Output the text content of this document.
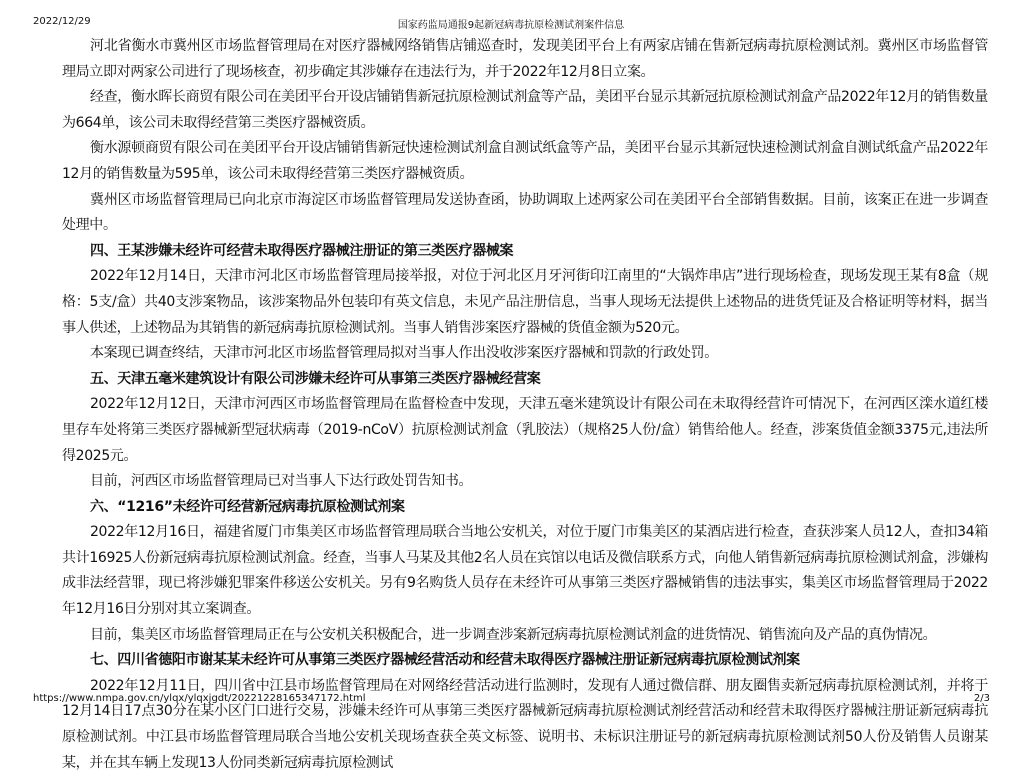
2022/12/29	国家药监局通报9起新冠病毒抗原检测试剂案件信息

河北省衡水市冀州区市场监督管理局在对医疗器械网络销售店铺巡查时，发现美团平台上有两家店铺在售新冠病毒抗原检测试剂。冀州区市场监督管理局立即对两家公司进行了现场核查，初步确定其涉嫌存在违法行为，并于2022年12月8日立案。

经查，衡水晖长商贸有限公司在美团平台开设店铺销售新冠抗原检测试剂盒等产品，美团平台显示其新冠抗原检测试剂盒产品2022年12月的销售数量为664单，该公司未取得经营第三类医疗器械资质。

衡水源顿商贸有限公司在美团平台开设店铺销售新冠快速检测试剂盒自测试纸盒等产品，美团平台显示其新冠快速检测试剂盒自测试纸盒产品2022年12月的销售数量为595单，该公司未取得经营第三类医疗器械资质。

冀州区市场监督管理局已向北京市海淀区市场监督管理局发送协查函，协助调取上述两家公司在美团平台全部销售数据。目前，该案正在进一步调查处理中。

四、王某涉嫌未经许可经营未取得医疗器械注册证的第三类医疗器械案

2022年12月14日，天津市河北区市场监督管理局接举报，对位于河北区月牙河街印江南里的“大锅炸串店”进行现场检查，现场发现王某有8盒（规格：5支/盒）共40支涉案物品，该涉案物品外包装印有英文信息，未见产品注册信息，当事人现场无法提供上述物品的进货凭证及合格证明等材料，据当事人供述，上述物品为其销售的新冠病毒抗原检测试剂。当事人销售涉案医疗器械的货值金额为520元。

本案现已调查终结，天津市河北区市场监督管理局拟对当事人作出没收涉案医疗器械和罚款的行政处罚。

五、天津五毫米建筑设计有限公司涉嫌未经许可从事第三类医疗器械经营案

2022年12月12日，天津市河西区市场监督管理局在监督检查中发现，天津五毫米建筑设计有限公司在未取得经营许可情况下，在河西区滦水道红楼里存车处将第三类医疗器械新型冠状病毒（2019-nCoV）抗原检测试剂盒（乳胶法）（规格25人份/盒）销售给他人。经查，涉案货值金额3375元,违法所得2025元。

目前，河西区市场监督管理局已对当事人下达行政处罚告知书。

六、“1216”未经许可经营新冠病毒抗原检测试剂案

2022年12月16日，福建省厦门市集美区市场监督管理局联合当地公安机关，对位于厦门市集美区的某酒店进行检查，查获涉案人员12人，查扣34箱共计16925人份新冠病毒抗原检测试剂盒。经查，当事人马某及其他2名人员在宾馆以电话及微信联系方式，向他人销售新冠病毒抗原检测试剂盒，涉嫌构成非法经营罪，现已将涉嫌犯罪案件移送公安机关。另有9名购货人员存在未经许可从事第三类医疗器械销售的违法事实，集美区市场监督管理局于2022年12月16日分别对其立案调查。

目前，集美区市场监督管理局正在与公安机关积极配合，进一步调查涉案新冠病毒抗原检测试剂盒的进货情况、销售流向及产品的真伪情况。

七、四川省德阳市谢某某未经许可从事第三类医疗器械经营活动和经营未取得医疗器械注册证新冠病毒抗原检测试剂案

2022年12月11日，四川省中江县市场监督管理局在对网络经营活动进行监测时，发现有人通过微信群、朋友圈售卖新冠病毒抗原检测试剂，并将于12月14日17点30分在某小区门口进行交易，涉嫌未经许可从事第三类医疗器械新冠病毒抗原检测试剂经营活动和经营未取得医疗器械注册证新冠病毒抗原检测试剂。中江县市场监督管理局联合当地公安机关现场查获全英文标签、说明书、未标识注册证号的新冠病毒抗原检测试剂50人份及销售人员谢某某，并在其车辆上发现13人份同类新冠病毒抗原检测试

https://www.nmpa.gov.cn/ylqx/ylqxjgdt/20221228165347172.html	2/3
